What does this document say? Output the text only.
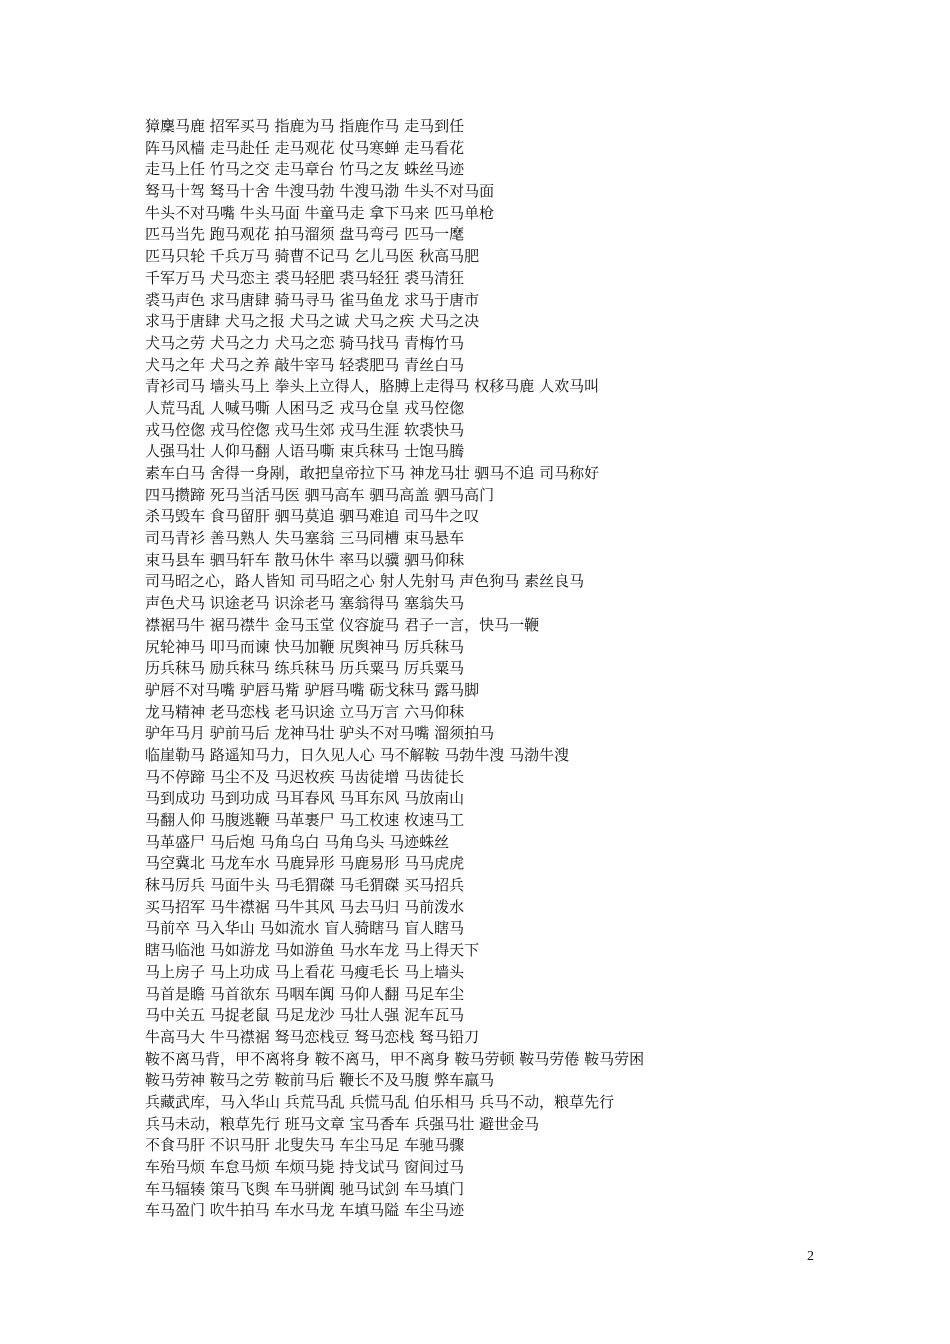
獐麇马鹿 招军买马 指鹿为马 指鹿作马 走马到任
阵马风樯 走马赴任 走马观花 仗马寒蝉 走马看花
走马上任 竹马之交 走马章台 竹马之友 蛛丝马迹
驽马十驾 驽马十舍 牛溲马勃 牛溲马渤 牛头不对马面
牛头不对马嘴 牛头马面 牛童马走 拿下马来 匹马单枪
匹马当先 跑马观花 拍马溜须 盘马弯弓 匹马一麾
匹马只轮 千兵万马 骑曹不记马 乞儿马医 秋高马肥
千军万马 犬马恋主 裘马轻肥 裘马轻狂 裘马清狂
裘马声色 求马唐肆 骑马寻马 雀马鱼龙 求马于唐市
求马于唐肆 犬马之报 犬马之诚 犬马之疾 犬马之决
犬马之劳 犬马之力 犬马之恋 骑马找马 青梅竹马
犬马之年 犬马之养 敲牛宰马 轻裘肥马 青丝白马
青衫司马 墙头马上 拳头上立得人，胳膊上走得马 权移马鹿 人欢马叫
人荒马乱 人喊马嘶 人困马乏 戎马仓皇 戎马倥偬
戎马倥偬 戎马倥偬 戎马生郊 戎马生涯 软裘快马
人强马壮 人仰马翻 人语马嘶 束兵秣马 士饱马腾
素车白马 舍得一身剐，敢把皇帝拉下马 神龙马壮 驷马不追 司马称好
四马攒蹄 死马当活马医 驷马高车 驷马高盖 驷马高门
杀马毁车 食马留肝 驷马莫追 驷马难追 司马牛之叹
司马青衫 善马熟人 失马塞翁 三马同槽 束马悬车
束马县车 驷马轩车 散马休牛 率马以骥 驷马仰秣
司马昭之心，路人皆知 司马昭之心 射人先射马 声色狗马 素丝良马
声色犬马 识途老马 识涂老马 塞翁得马 塞翁失马
襟裾马牛 裾马襟牛 金马玉堂 仪容旋马 君子一言，快马一鞭
尻轮神马 叩马而谏 快马加鞭 尻舆神马 厉兵秣马
历兵秣马 励兵秣马 练兵秣马 历兵粟马 厉兵粟马
驴唇不对马嘴 驴唇马觜 驴唇马嘴 砺戈秣马 露马脚
龙马精神 老马恋栈 老马识途 立马万言 六马仰秣
驴年马月 驴前马后 龙神马壮 驴头不对马嘴 溜须拍马
临崖勒马 路遥知马力，日久见人心 马不解鞍 马勃牛溲 马渤牛溲
马不停蹄 马尘不及 马迟枚疾 马齿徒增 马齿徒长
马到成功 马到功成 马耳春风 马耳东风 马放南山
马翻人仰 马腹逃鞭 马革裹尸 马工枚速 枚速马工
马革盛尸 马后炮 马角乌白 马角乌头 马迹蛛丝
马空冀北 马龙车水 马鹿异形 马鹿易形 马马虎虎
秣马厉兵 马面牛头 马毛猬磔 马毛猬磔 买马招兵
买马招军 马牛襟裾 马牛其风 马去马归 马前泼水
马前卒 马入华山 马如流水 盲人骑瞎马 盲人瞎马
瞎马临池 马如游龙 马如游鱼 马水车龙 马上得天下
马上房子 马上功成 马上看花 马瘦毛长 马上墙头
马首是瞻 马首欲东 马咽车阗 马仰人翻 马足车尘
马中关五 马捉老鼠 马足龙沙 马壮人强 泥车瓦马
牛高马大 牛马襟裾 驽马恋栈豆 驽马恋栈 驽马铅刀
鞍不离马背，甲不离将身 鞍不离马，甲不离身 鞍马劳顿 鞍马劳倦 鞍马劳困
鞍马劳神 鞍马之劳 鞍前马后 鞭长不及马腹 弊车羸马
兵藏武库，马入华山 兵荒马乱 兵慌马乱 伯乐相马 兵马不动，粮草先行
兵马未动，粮草先行 班马文章 宝马香车 兵强马壮 避世金马
不食马肝 不识马肝 北叟失马 车尘马足 车驰马骤
车殆马烦 车怠马烦 车烦马毙 持戈试马 窗间过马
车马辐辏 策马飞舆 车马骈阗 驰马试剑 车马填门
车马盈门 吹牛拍马 车水马龙 车填马隘 车尘马迹
2
